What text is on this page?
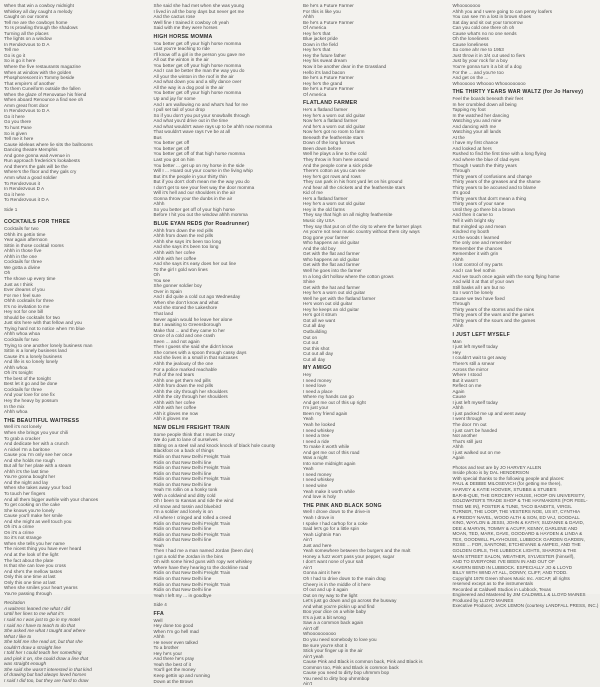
When that win a cowboy midnight
Whiskey all day caught a melody
Caught on our rooms
Tell me are the cowboys home
To Is prowling through the shadows
Turning all the places
The lights on a window
In Rendezvous to D A
Tell me
Go is go it
So is go it here
Where the five restaurants magazine
When at window with the golden
Phosphorescent in Tommy beside
That empire's of another
To them Cuneiform outside the fallen
When the glaze of Renovatue his friend
When aboard Renounce a find see oh
Amm great front door
In Rendezvous to D A
Go it here
Go you there
To hunt Pane
So is given
Tell me it here
Cause isleleas where lie sits the ballrooms
Dancing theatre Memphis
And gone gonna wait Avenue in
Run approach frederick's lookabests
And there's the gals will be the
Where's the floor and they gals cry
Amm what a good soldier
To Rendezvous it
In Rendezvous D A
Go it here
To Rendezvous it D A
Side 1
COCKTAILS FOR THREE
Cocktails for two
Ohhh it's gettin time
Year again afternoon
Sittin in those cocktail rooms
Ahhh in those five
Ahhh in the one
Cocktails for three
We gotta a divine
Oh
The shove up every time
Just as I think
Ever dreams of you
For me I feel sure
Ohhh cocktails for three
It's no invitation to me
Hey not for one bill
Should be cocktails for two
Just sits here with that fellow and you
Trying hard not to notice when I'm blue
Ahhh whoa whoa
Cocktails for two
Trying to one another lonely business man
Sittin is a lonely business land
Cause it's a lonely business
And life is so lonely lonely
Ahhh whoa
Oh it's tonight
The best of the tonight
Best let it go and be done
Cocktails for three
And your love for one fix
Hey the heavy by possum
In the mix
Ahhh whoa
THE BEAUTIFUL WAITRESS
Well it's not lonely
When she brings you your chili
To grab a cracker
And dedicate her with a crunch
A nickel I'm a baritone
Cause you I'm only see her once
And she holds me rough
But all for her plate with a steam
Ahhh it's the last time
You're gonna bought her
And the night and lay
When she takes away your food
To touch her fingers
And all them bigger awhile with your chances
To get cooking on the cake
She knows you're lonely
Cause you'll make her smile
And she might as well touch you
Oh it's a crime
On it's a crime
So it's not strange
When she tells you her name
The nicest thing you have ever heard
And at the look of the light
The fact about the plate
Is that she can love you cross
And she's the mellow tastes
Only this one time at last
Only this one time at last
When she smiles your heart yearns
You're passing through
Recitation
A waitress leaned me what I did
Until her lines to me what it's
I said no I was just to go in my motel
I said no I have to teach to do that
She asked me what I taught and where
What I like to
She told me she read art, but that she
couldn't draw a straight line
I told her I could teach her something
and pink it on, she could draw a line that
was straight enough
She said she wasn't interested in that kind
of drawing but had always loved horses
I said I did too, but they are hard to draw
She said she had met when she was young
I lived in all the bony days but never get me
And the cactus rose
Well fine I trained it cowboy oh yeah
Said with me they were horses
HIGH HORSE MOMMA
You better get off your high horse momma
Last you're teaching to ride
I'll know off a girl in the person you gave me
All out the winton in the air
You better get off your high horse momma
And I can be better the man the way you do
All your the winton in the roof in the air
And what down you and a silly dance over
All the way is a dog pool in the air
You better get off your high horse momma
Up and jay for some
And I am wallowing no and what's had for me
I pull set tail of your drop
So if you don't you put your snowballs through
And what you'd drive out in the time
And what wouldn't wave rays up to be ahhh now momma
That wouldn't wave rays I've be at all
Bus
You better get off
You better get off
You better get off of that high horse momma
Last you got on him
You better ... get up on my horse in the side
Will I ... Hoard out your course in the living whip
But it's the people in your thirty thin
But if you don't cloth mean me the way you do
I don't get to see your feet way the door momma
Will it's hell and our shoulders in the air
Gonna throw your the dunbs in the air
Ahhh
So you better get off of your high horse
Before I hit you out the window ahhh momma
BLUE EYAN REDS (for Roadrunner)
Ahhh from down the red pills
Ahhh from down the red pills
Ahhh she says it's been too long
And she says it's been too long
Ahhh with her cofee
Ahhh with her coffee
And she says it's easy does her out line
To the girl I gold won lines
Oh
You see
She gonner soldier boy
Over in Spain
And I did quite a cold cut ago Wednesday
When she don't know and what
And she stoned the Lakeshore
That land
Never again would he leave her alone
But I awaiting to Greensborough
Make that ... and they came to her
Once of a cold and one crash
Seen ... and not again
Then I guess she said she didn't know
She comes with a spoon through cassy days
And she lives in a small in that suitcases
Ahhh the jealousy of the one
For a police marked reachable
Full of the red tears
Ahhh one get them red pills
Ahhh from down the red pills
Ahhh the city through her shoulders
Ahhh the city through her shoulders
Ahhh with her cofee
Ahhh with her coffee
Ahh it gloves me now
Ahh it gloves me
NEW DELHI FREIGHT TRAIN
Some people think that I must be crazy
We do just to lane of ourselves
Sitting on a steel rail and knock knock of black hole county
Blackfoot on a back of things
Ridin on that New Delhi Freight Train
Ridin on that New Delhi line
Ridin on that New Delhi Freight Train
Ridin on that New Delhi line
Ridin on that New Delhi Freight Train
Ridin on that New Delhi line
Yeah I'm rollin on a honky tonk
With a coldwind and ditty cold
Oh I been to Kansas and ride the wind
All snow and tossin and bluebird
I'm a soldier and lonely is on
All where I cringed and rolled a creed
Ridin on that New Delhi Freight Train
Ridin on that New Delhi line
Ridin on that New Delhi Freight Train
Ridin on that New Delhi line
Yeah
Then I had me a man named Jordan (been dun)
I got a sold the Jordan in the bins
Oh with some hired guns with ropy wet whiskey
Where have they hearing to the dockline road
Ridin on that New Delhi Freight Train
Ridin on that New Delhi line
Ridin on that New Delhi Freight Train
Ridin on that New Delhi line
Yeah I left my ... in goodbye
Side 4
FFA
Well
Hey done too good
When I'm go hell mad
Ahhh
He never even talked
To a brother
Hey he's your
And there he's pray
Yeah the best of it
You'll get the money
Keep gettin up and running
Down at the Brown
Be he's a Future Farmer
For this is like you
Ahhh
Be he's a Future Farmer
Of America
Hey he's that
Blue jacket pride
Down in the field
Hey he's that
Hey the future father
Hey his sweat dream
Now it be another dear in the Grassland
Hello it's land bacon
Be he's a Future Farmer
Hey he's the grand
Be he's a Future Farmer
Of America
FLATLAND FARMER
He's a flatland farmer
Hey he's a worn out old guitar
Now he's a flatland farmer
And he's a worn out old guitar
Now he's got no room to farm
Beneath the feathersite stars
Down of the long furrows
Been down before
Well he plays a line to the cold
They throw in from here around
And the people come a sick pride
There's cotton as you can see
Hey he's got rows and rows
They can park in his front yard let on his ground
And hear all the crickets and the feathersite stars
Kid of me
He's a flatland farmer
Hey he's a worn out old guitar
Hey in the old farms
They say that high on all mighty feathersite
Music city USA
They say that put on of the city to where the farmer plays
As you're not near music country without them city ways
Dog gone your farmer
Who happens an old guitar
And the old boy
Get with the flat and farmer
Who happens an old guitar
Get with the flat and farmer
Well he goes into the farmer
In a long dirt hollow where the cotton grows
Shine
Get with the hat and farmer
Hey he's a worn out old guitar
Well he get with the flatland farmer
He's worn out old guitar
Hey he keeps an old guitar
He's got it strum
Got all we want
Cut all day
Outbuilding
Out on
Cut out
Out this shot
Cut out all day
Cut all day
MY AMIGO
Hey
I need money
I need love
I need a place
Where my hands can go
And get me out of this up right
I'm just your
Been my friend again
Yeah
Yeah he looked
I need whiskey
I need a tree
I need a ride
To make it worth while
And get me out of this road
Was a night
Into some midnight again
Yeah
I need money
I need whiskey
I need wine
Yeah make it worth while
And love is holy
THE PINK AND BLACK SONG
Well I drove down to the drive-in
Yeah I drove in
I spoke I had carhop for a coke
Said let's go for a little spin
Yeah Lightnin Fan
Ain't
Just and here
Yeah somewhere between the burgers and the malt
Honey a fuzz won't pass your pepper, sugar
I don't want none of your salt
Ain't
Gonna aint it here
Oh I had to drive down to the main drag
Cheery is in the middle of it here
Of out and up it again
Out on my way to the light
Let's just go down and go across the busway
And what you're pickin up and find
Boo your dice on a white baby
It's a just a bit wrong
Saw a a common back again
Ain't off
Whoooooooooo
Do you need somebody to love you
Be sure you're shot it
Stick your finger up in the air
Ain't yeah
Cause Pink and Black is common back, Pink and Black is
Common too, Pink and Black is common back
Cause you need to dirty bop uhmmm bop
You need to dirty bop uhmmbop
Ain't
Whoooooooo
Ahhh you and I were going to can penny loafers
You can see I'm a lost in brown shoes
Sat day and sit out your tomorrow
Can you cold one there oh oh
Cause what's no no one sends
Oh the loneliness
Cause loneliness
So come ahr me to 1953
Just throw it in 3/4 cut used to fiers
Just by your rock for a boy
You're gonna turn it a bit of a dog
For the ... and you're too
And get on the ...
Whoooooo Whoooo Whooooooooo
THE THIRTY YEARS WAR WALTZ (for Jo Harvey)
Feel the boards beneath their feet
In her crumbled down all being
Tapping my foot
In the watched her dancing
Watching you and mine
And dancing with me
Watching your all lands
At the
I have my first chance
And looked at hers
Rushed to find the first time with a long flying
And where the blue of clad eyes
Though I watch the thirty years
Through
Thirty years of confusions and change
Thirty years of the greases and the shame
Thirty years to be accused and to blame
It's good
Thirty years that don't mean a thing
Thirty years of your sane
Until they go there bit a brown
And then it came to
Tell it with bright sky
But mingled up and mean
Kindred my booth
At the woods I learned
The only one and remember
Remember the chances
Remember it with grin
Ahhh
I lost control of my parts
And I can feel nothin
And we touch once again with the song flying home
And wild it at that of your own
Still basks all I am but no
So I won't be lonely
Cause we two have fixed
Through
Thirty years of the storms and the rains
Thirty years of the wars and the games
Thirty years of the sours and the games
Ahhh
I JUST LEFT MYSELF
Man
I just left myself today
Hey
I couldn't wait to get away
There's still a smear
Across the mirror
Where I stood
But it wasn't
Reflect on me
Again
Cause
I just left myself today
Ahhh
I just packed me up and went away
I went through
The door I'm out
I just can't be handed
Not another
That's still just
Ahhh
I just walked out on me
Again
Photos and text are by JO HARVEY ALLEN
Inside photo is by DAL HENDERSON
With special thanks to the following people and places:
PAUL & DEBBIE MILOSEVICH (for getting me there),
HARVEY & KATIE HOOVER, STUBBS & STUBB'S
BAR-B-QUE, THE GROCERY HOUSE, HOOP ON UNIVERSITY,
GOLDWATER'S TRADE SHOP & THE HAYMAKERS (FOR FEEL-
TING ME IN), FOSTER & TUNE, TACO BANDITS, VIRGIL
TURNER, THE LOOP, THE VESTERS NOE, US 87, CYNTHIA
& FREDDY NAVEL, WOOD ALTH & SON, ED VAJ, GOODALL
KING, WAYLON & JESSI, JOHN & KATHY, SUZANNE & DAVID,
DEE & MARVIN, TOMMY & ACUFF, KENNY, DARLENE AND
MOAN, TED, MARK, DAVE, GOODARD & HAYDEN & LINDA &
TEX, GOODWILL PLAYHOUSE, LUBBOCK GARDEN GARDEN,
ROSE ... FOR, SANTONE, ETCHEVANE & AMPEG, AND THE
GOLDEN GIRLS, THE LUBBOCK LIGHTS, SHARON & THE
MAIN STREET SALON, WEATHER, SYLVESTER (himself),
AND TO EVERYONE I'VE BEEN IN AND OUT OF
KAVERN BEND IN LUBBOCK. ESPECIALLY JO & LLOYD
BILLY WITH WIND AT ALL, DONNY, CLIFF, AND TODD.
Copyright 1978 Green Shoes Music Inc. ASCAP, all rights
reserved except as to the instrumentals
Recorded at Caldwell Studios in Lubbock, Texas
Engineered and Mastered by JIM CALDWELL & LLOYD MAINES
Produced by LLOYD MAINES
Executive Producer, JACK LEMON (courtesy LANDFALL PRESS, INC.)
